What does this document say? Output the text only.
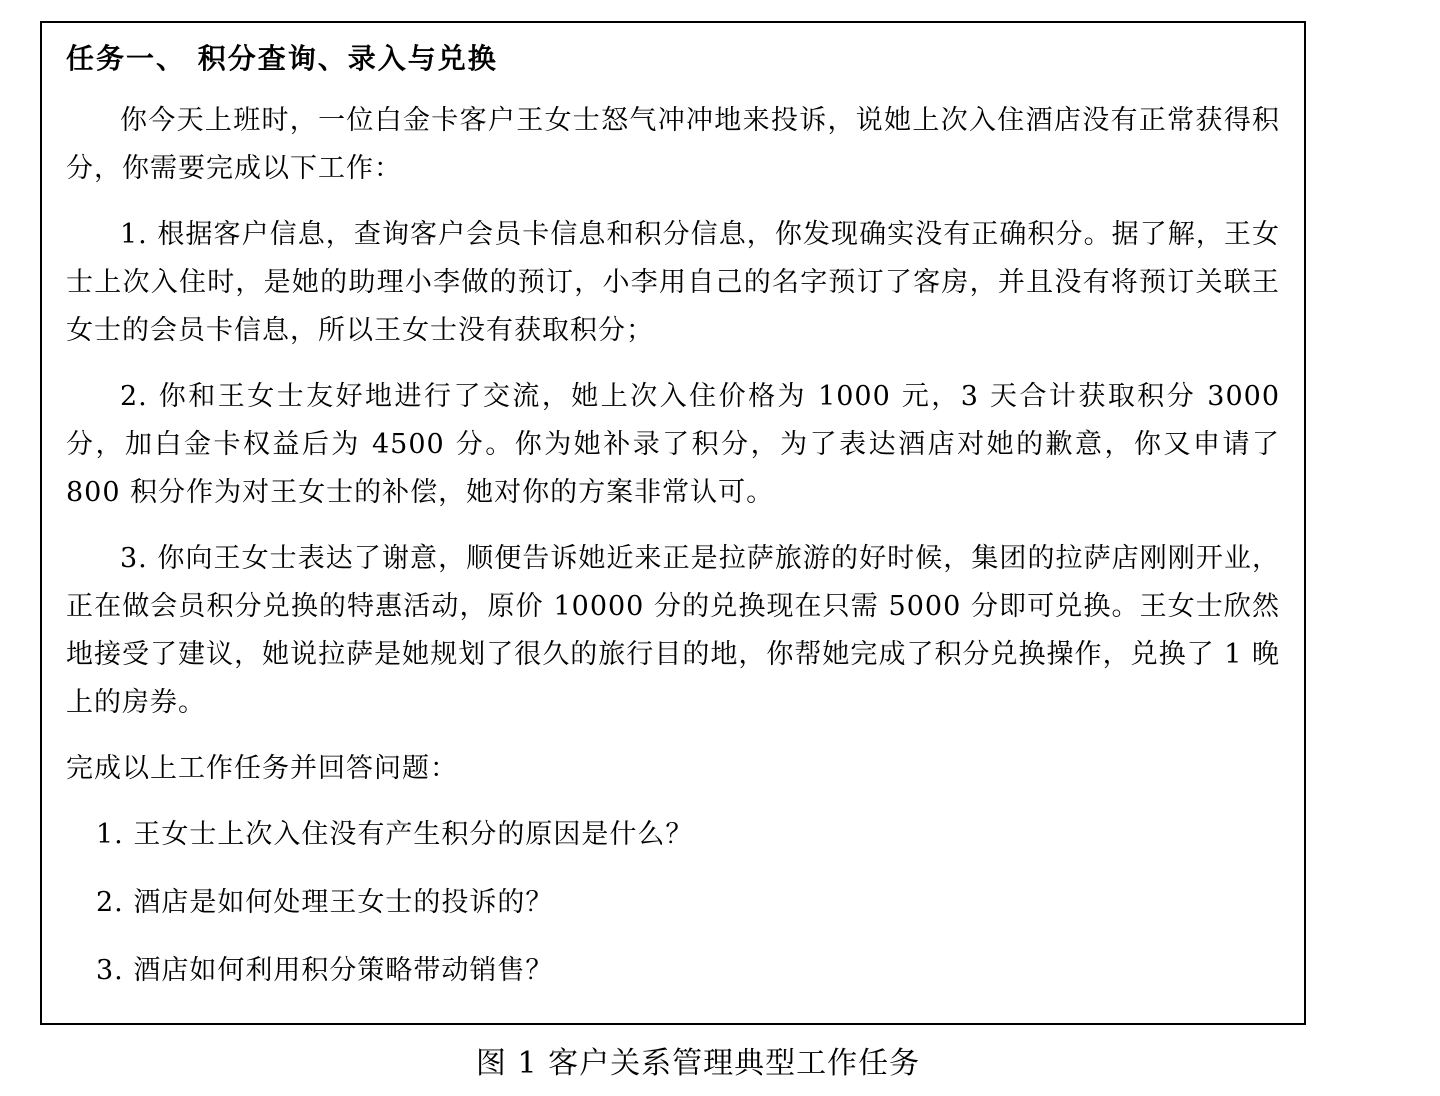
任务一、 积分查询、录入与兑换

你今天上班时，一位白金卡客户王女士怒气冲冲地来投诉，说她上次入住酒店没有正常获得积分，你需要完成以下工作：

1. 根据客户信息，查询客户会员卡信息和积分信息，你发现确实没有正确积分。据了解，王女士上次入住时，是她的助理小李做的预订，小李用自己的名字预订了客房，并且没有将预订关联王女士的会员卡信息，所以王女士没有获取积分；

2. 你和王女士友好地进行了交流，她上次入住价格为 1000 元，3 天合计获取积分 3000 分，加白金卡权益后为 4500 分。你为她补录了积分，为了表达酒店对她的歉意，你又申请了 800 积分作为对王女士的补偿，她对你的方案非常认可。

3. 你向王女士表达了谢意，顺便告诉她近来正是拉萨旅游的好时候，集团的拉萨店刚刚开业，正在做会员积分兑换的特惠活动，原价 10000 分的兑换现在只需 5000 分即可兑换。王女士欣然地接受了建议，她说拉萨是她规划了很久的旅行目的地，你帮她完成了积分兑换操作，兑换了 1 晚上的房券。

完成以上工作任务并回答问题：

1. 王女士上次入住没有产生积分的原因是什么？
2. 酒店是如何处理王女士的投诉的？
3. 酒店如何利用积分策略带动销售？
图 1 客户关系管理典型工作任务
